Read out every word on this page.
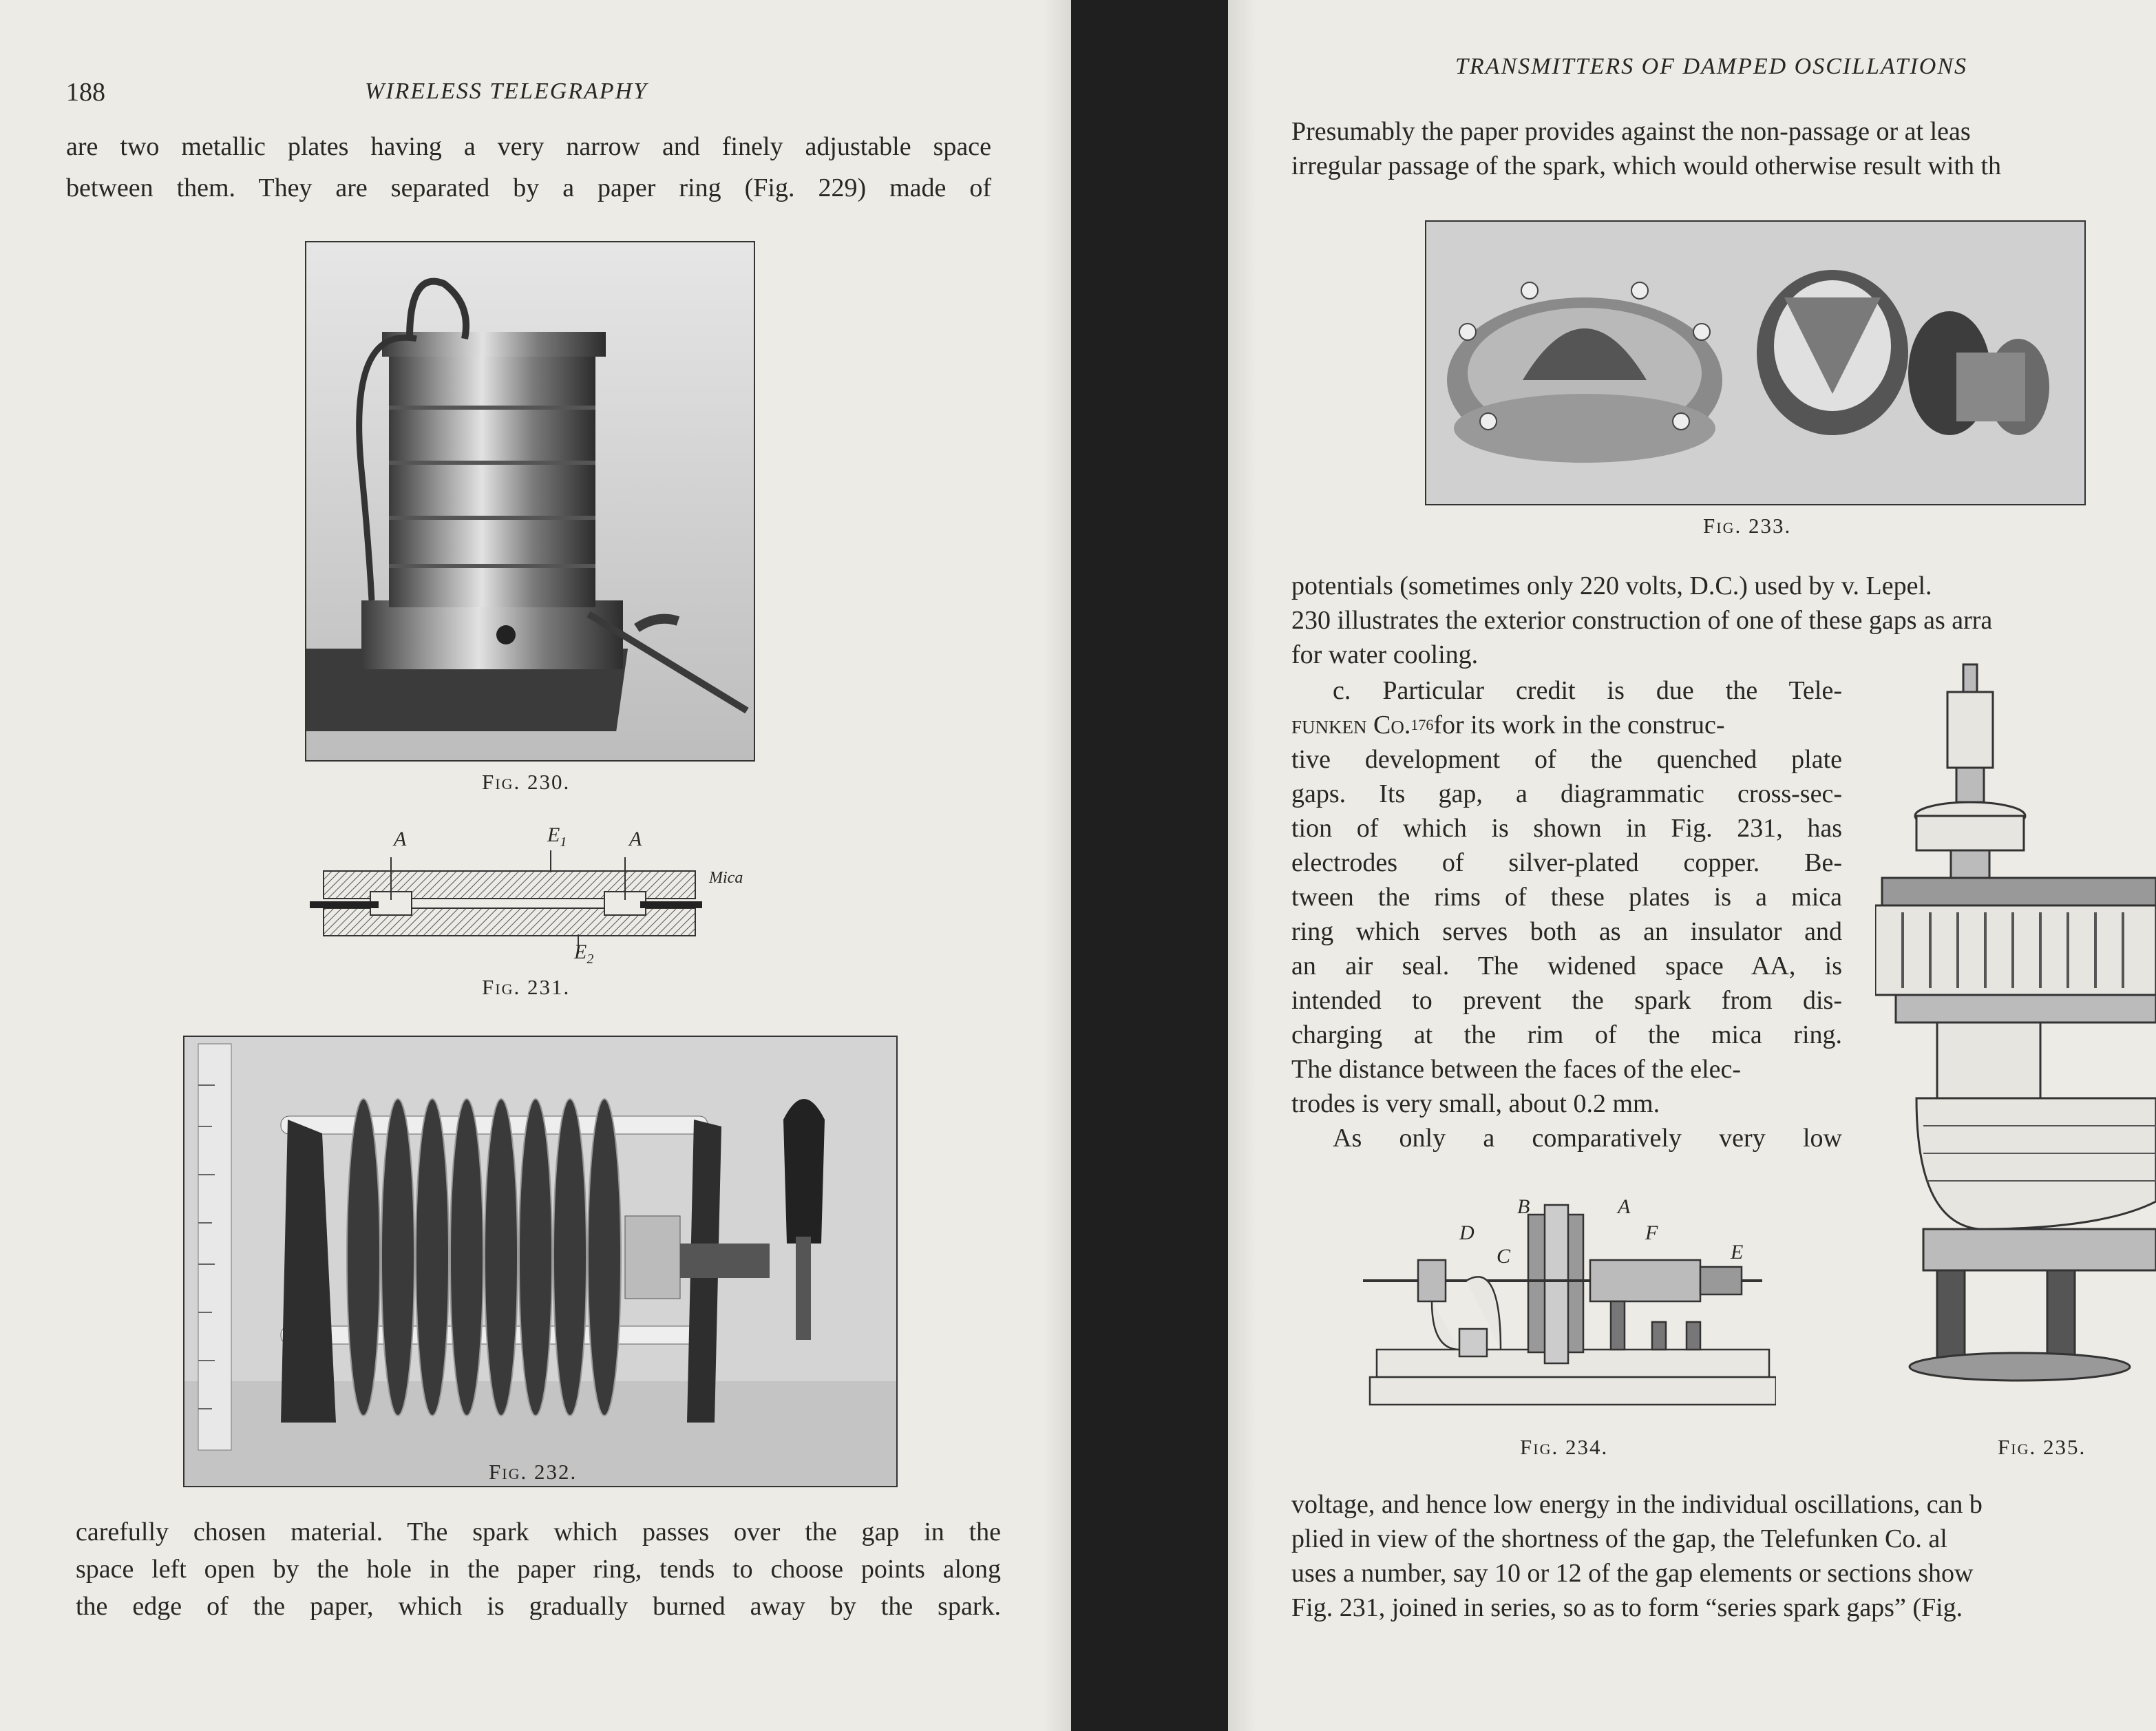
188	WIRELESS TELEGRAPHY
are two metallic plates having a very narrow and finely adjustable space
between them. They are separated by a paper ring (Fig. 229) made of
Fig. 230.
A	$E_1$	A
Mica
$E_2$
Fig. 231.
Fig. 232.
carefully chosen material. The spark which passes over the gap in the
space left open by the hole in the paper ring, tends to choose points along
the edge of the paper, which is gradually burned away by the spark.
TRANSMITTERS OF DAMPED OSCILLATIONS
Presumably the paper provides against the non-passage or at leas
irregular passage of the spark, which would otherwise result with th
Fig. 233.
potentials (sometimes only 220 volts, D.C.) used by v. Lepel.
230 illustrates the exterior construction of one of these gaps as arra
for water cooling.
c. Particular credit is due the Tele-
funken Co. 176 for its work in the construc-
tive development of the quenched plate
gaps. Its gap, a diagrammatic cross-sec-
tion of which is shown in Fig. 231, has
electrodes of silver-plated copper. Be-
tween the rims of these plates is a mica
ring which serves both as an insulator and
an air seal. The widened space AA, is
intended to prevent the spark from dis-
charging at the rim of the mica ring.
The distance between the faces of the elec-
trodes is very small, about 0.2 mm.
As only a comparatively very low
B	A
D	F
C	E
Fig. 234.	Fig. 235.
voltage, and hence low energy in the individual oscillations, can b
plied in view of the shortness of the gap, the Telefunken Co. al
uses a number, say 10 or 12 of the gap elements or sections show
Fig. 231, joined in series, so as to form “series spark gaps” (Fig.
